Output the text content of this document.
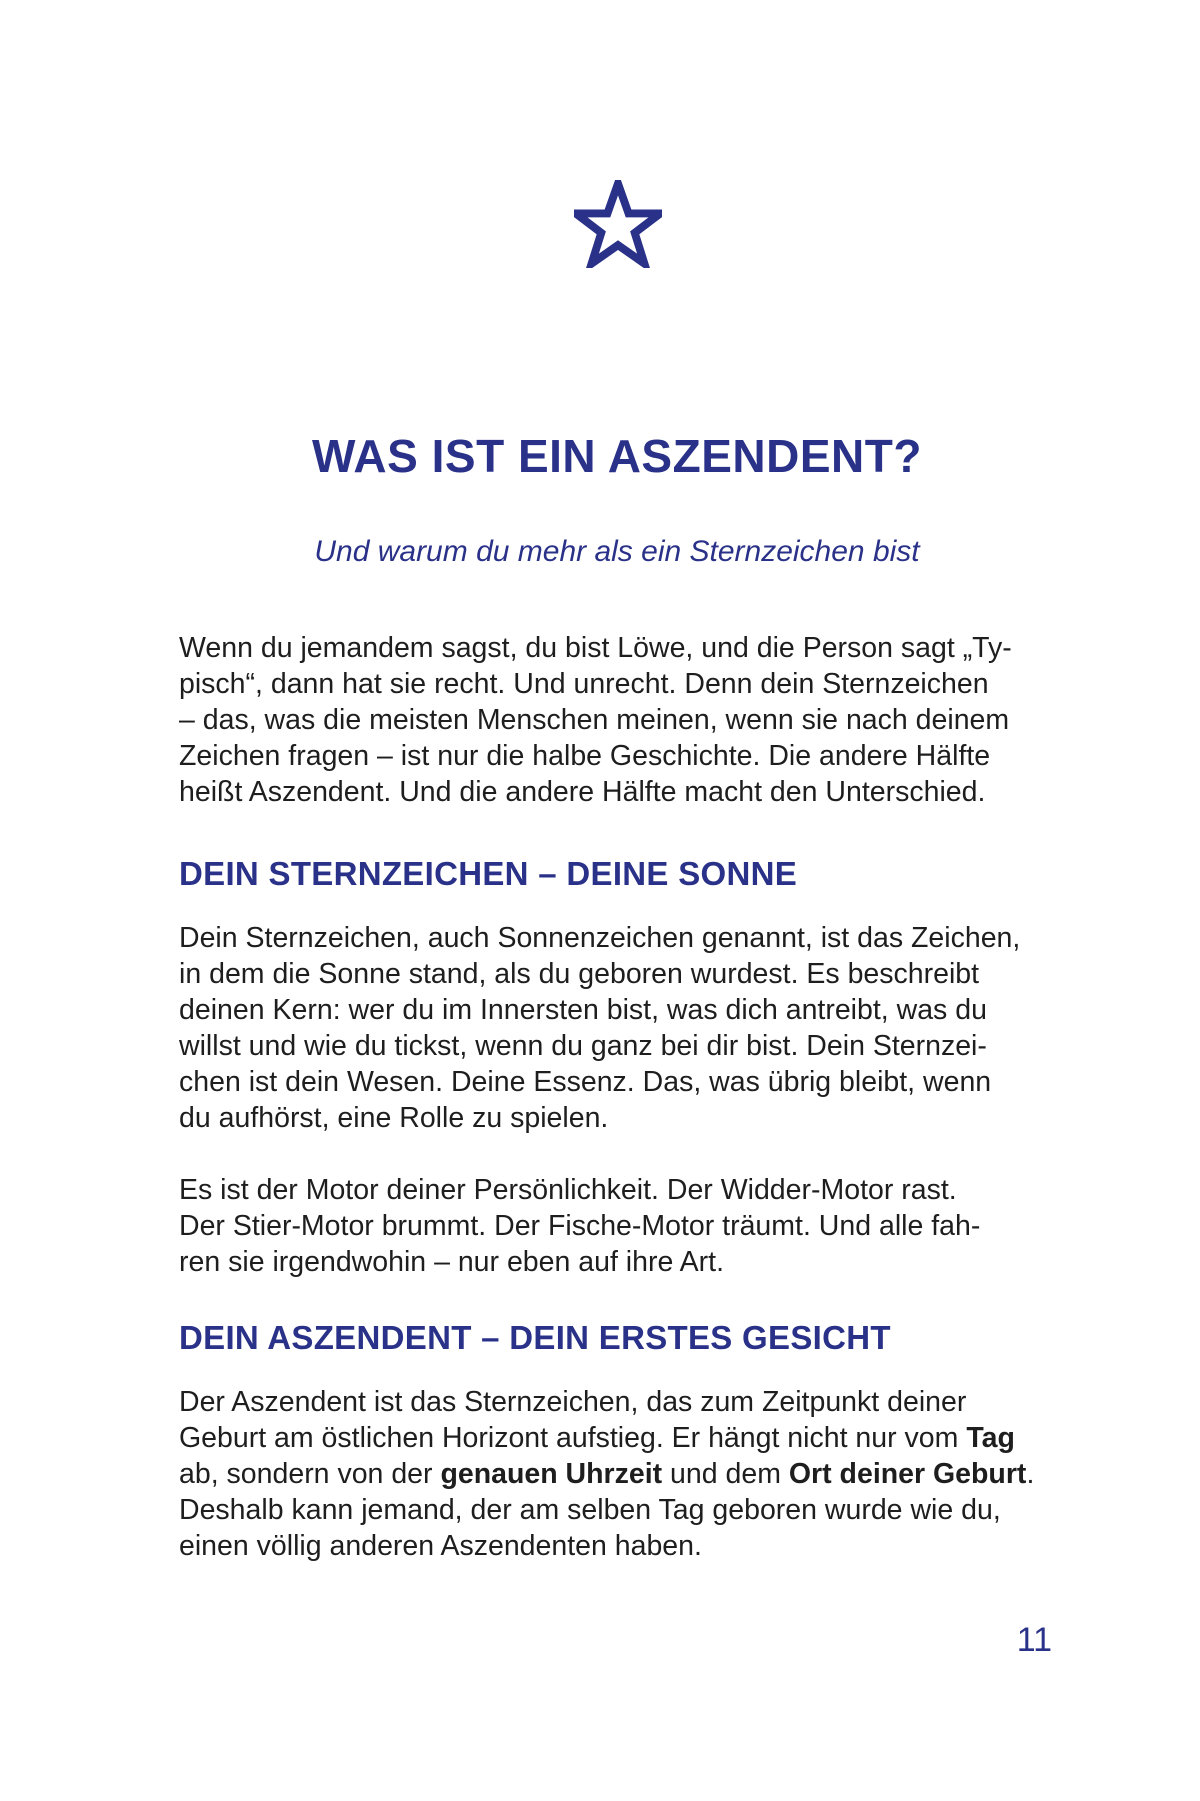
WAS IST EIN ASZENDENT?

Und warum du mehr als ein Sternzeichen bist

Wenn du jemandem sagst, du bist Löwe, und die Person sagt „Ty-
pisch“, dann hat sie recht. Und unrecht. Denn dein Sternzeichen
– das, was die meisten Menschen meinen, wenn sie nach deinem
Zeichen fragen – ist nur die halbe Geschichte. Die andere Hälfte
heißt Aszendent. Und die andere Hälfte macht den Unterschied.

DEIN STERNZEICHEN – DEINE SONNE

Dein Sternzeichen, auch Sonnenzeichen genannt, ist das Zeichen,
in dem die Sonne stand, als du geboren wurdest. Es beschreibt
deinen Kern: wer du im Innersten bist, was dich antreibt, was du
willst und wie du tickst, wenn du ganz bei dir bist. Dein Sternzei-
chen ist dein Wesen. Deine Essenz. Das, was übrig bleibt, wenn
du aufhörst, eine Rolle zu spielen.

Es ist der Motor deiner Persönlichkeit. Der Widder-Motor rast.
Der Stier-Motor brummt. Der Fische-Motor träumt. Und alle fah-
ren sie irgendwohin – nur eben auf ihre Art.

DEIN ASZENDENT – DEIN ERSTES GESICHT

Der Aszendent ist das Sternzeichen, das zum Zeitpunkt deiner
Geburt am östlichen Horizont aufstieg. Er hängt nicht nur vom Tag
ab, sondern von der genauen Uhrzeit und dem Ort deiner Geburt.
Deshalb kann jemand, der am selben Tag geboren wurde wie du,
einen völlig anderen Aszendenten haben.

11
